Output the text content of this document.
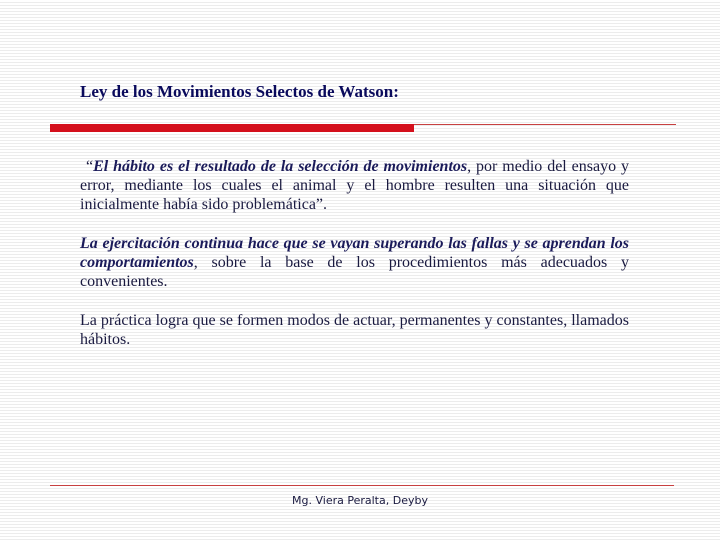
Ley de los Movimientos Selectos de Watson:

“El hábito es el resultado de la selección de movimientos, por medio del ensayo y error, mediante los cuales el animal y el hombre resulten una situación que inicialmente había sido problemática”.

La ejercitación continua hace que se vayan superando las fallas y se aprendan los comportamientos, sobre la base de los procedimientos más adecuados y convenientes.

La práctica logra que se formen modos de actuar, permanentes y constantes, llamados hábitos.

Mg. Viera Peralta, Deyby
